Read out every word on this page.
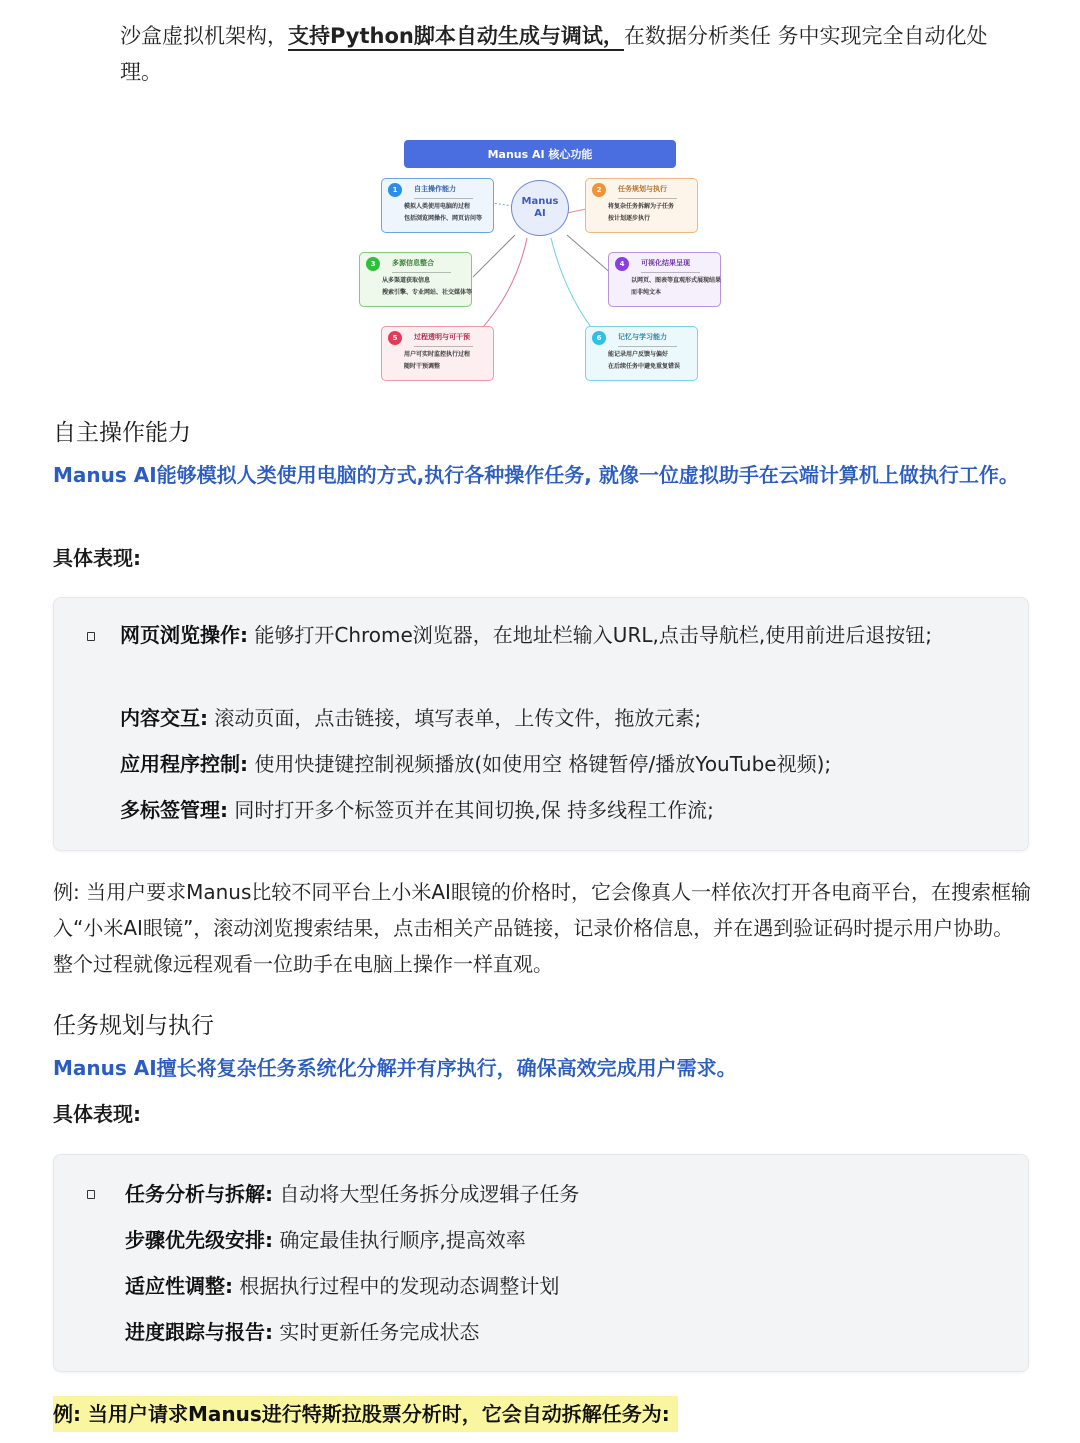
沙盒虚拟机架构，支持Python脚本自动生成与调试，在数据分析类任 务中实现完全自动化处理。
Manus AI 核心功能
Manus
AI
1	自主操作能力
模拟人类使用电脑的过程
包括浏览网操作、网页访问等
2	任务规划与执行
将复杂任务拆解为子任务
按计划逐步执行
3	多源信息整合
从多渠道获取信息
搜索引擎、专业网站、社交媒体等
4	可视化结果呈现
以网页、图表等直观形式展现结果
而非纯文本
5	过程透明与可干预
用户可实时监控执行过程
随时干预调整
6	记忆与学习能力
能记录用户反馈与偏好
在后续任务中避免重复错误
自主操作能力
Manus AI能够模拟人类使用电脑的方式,执行各种操作任务, 就像一位虚拟助手在云端计算机上做执行工作。
具体表现:
网页浏览操作: 能够打开Chrome浏览器，在地址栏输入URL,点击导航栏,使用前进后退按钮;
内容交互: 滚动页面，点击链接，填写表单，上传文件，拖放元素;
应用程序控制: 使用快捷键控制视频播放(如使用空 格键暂停/播放YouTube视频);
多标签管理: 同时打开多个标签页并在其间切换,保 持多线程工作流;
例: 当用户要求Manus比较不同平台上小米AI眼镜的价格时，它会像真人一样依次打开各电商平台，在搜索框输入“小米AI眼镜”，滚动浏览搜索结果，点击相关产品链接，记录价格信息，并在遇到验证码时提示用户协助。整个过程就像远程观看一位助手在电脑上操作一样直观。
任务规划与执行
Manus AI擅长将复杂任务系统化分解并有序执行，确保高效完成用户需求。
具体表现:
任务分析与拆解: 自动将大型任务拆分成逻辑子任务
步骤优先级安排: 确定最佳执行顺序,提高效率
适应性调整: 根据执行过程中的发现动态调整计划
进度跟踪与报告: 实时更新任务完成状态
例: 当用户请求Manus进行特斯拉股票分析时，它会自动拆解任务为:
